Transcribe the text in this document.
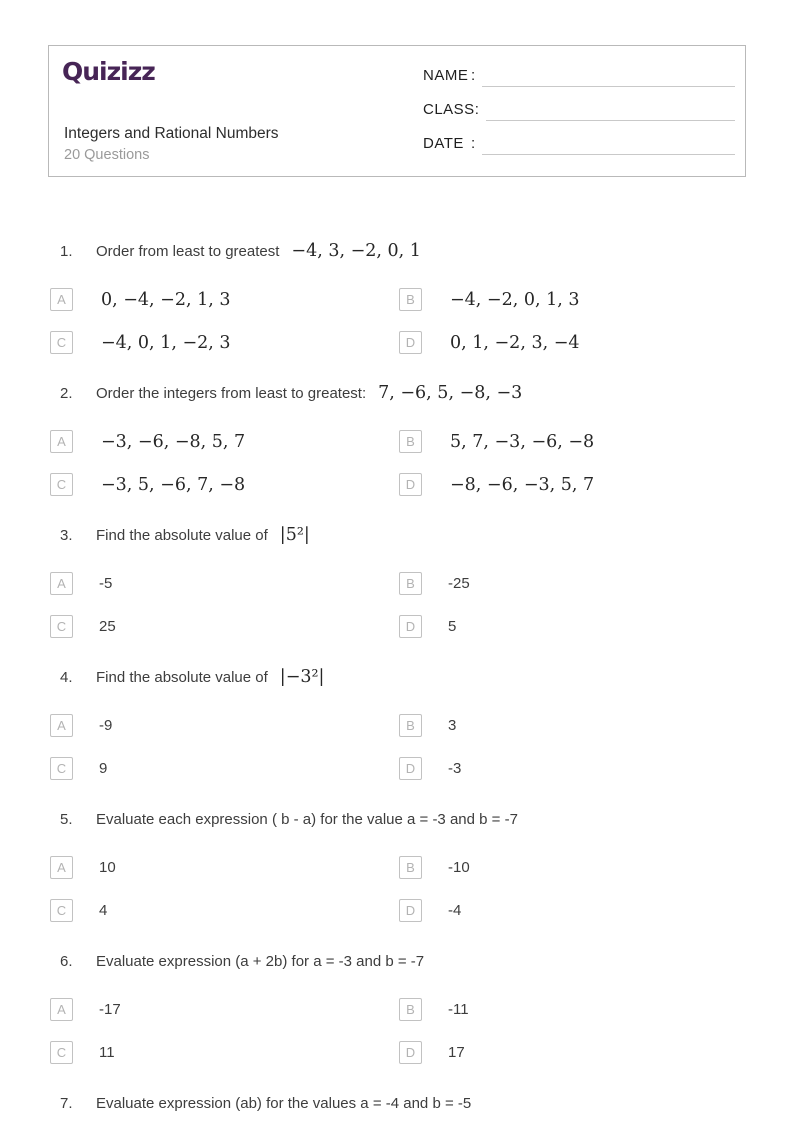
Quizizz
Integers and Rational Numbers
20 Questions
NAME :
CLASS :
DATE :
1.	Order from least to greatest −4, 3, −2, 0, 1
A	0, −4, −2, 1, 3	B	−4, −2, 0, 1, 3
C	−4, 0, 1, −2, 3	D	0, 1, −2, 3, −4
2.	Order the integers from least to greatest: 7, −6, 5, −8, −3
A	−3, −6, −8, 5, 7	B	5, 7, −3, −6, −8
C	−3, 5, −6, 7, −8	D	−8, −6, −3, 5, 7
3.	Find the absolute value of |5²|
A	-5	B	-25
C	25	D	5
4.	Find the absolute value of |−3²|
A	-9	B	3
C	9	D	-3
5.	Evaluate each expression ( b - a) for the value a = -3 and b = -7
A	10	B	-10
C	4	D	-4
6.	Evaluate expression (a + 2b) for a = -3 and b = -7
A	-17	B	-11
C	11	D	17
7.	Evaluate expression (ab) for the values a = -4 and b = -5
